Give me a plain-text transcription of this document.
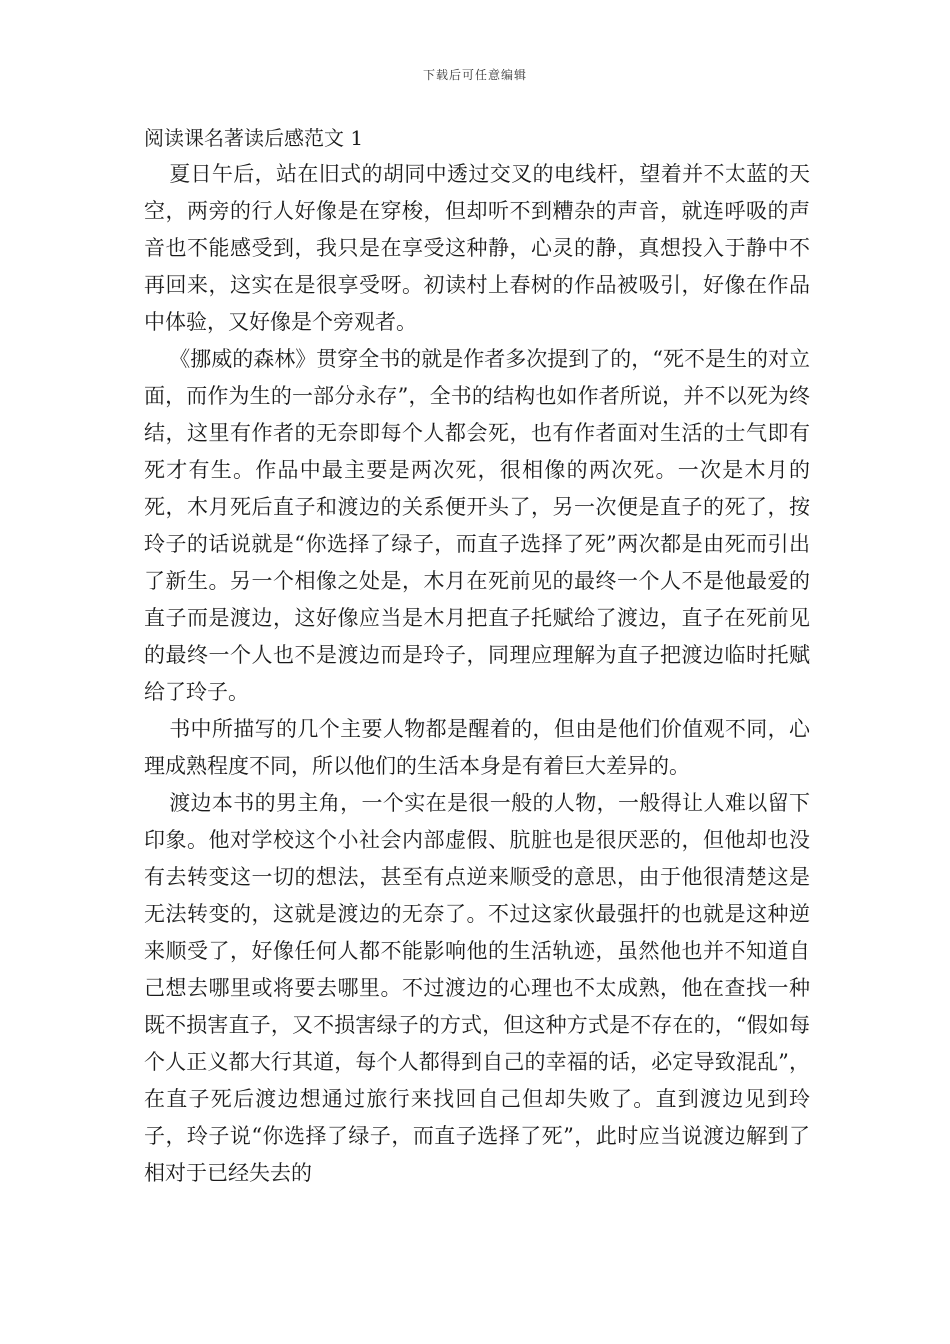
下载后可任意编辑
阅读课名著读后感范文 1

夏日午后，站在旧式的胡同中透过交叉的电线杆，望着并不太蓝的天空，两旁的行人好像是在穿梭，但却听不到糟杂的声音，就连呼吸的声音也不能感受到，我只是在享受这种静，心灵的静，真想投入于静中不再回来，这实在是很享受呀。初读村上春树的作品被吸引，好像在作品中体验，又好像是个旁观者。

《挪威的森林》贯穿全书的就是作者多次提到了的，“死不是生的对立面，而作为生的一部分永存”，全书的结构也如作者所说，并不以死为终结，这里有作者的无奈即每个人都会死，也有作者面对生活的士气即有死才有生。作品中最主要是两次死，很相像的两次死。一次是木月的死，木月死后直子和渡边的关系便开头了，另一次便是直子的死了，按玲子的话说就是“你选择了绿子，而直子选择了死”两次都是由死而引出了新生。另一个相像之处是，木月在死前见的最终一个人不是他最爱的直子而是渡边，这好像应当是木月把直子托赋给了渡边，直子在死前见的最终一个人也不是渡边而是玲子，同理应理解为直子把渡边临时托赋给了玲子。

书中所描写的几个主要人物都是醒着的，但由是他们价值观不同，心理成熟程度不同，所以他们的生活本身是有着巨大差异的。

渡边本书的男主角，一个实在是很一般的人物，一般得让人难以留下印象。他对学校这个小社会内部虚假、肮脏也是很厌恶的，但他却也没有去转变这一切的想法，甚至有点逆来顺受的意思，由于他很清楚这是无法转变的，这就是渡边的无奈了。不过这家伙最强扞的也就是这种逆来顺受了，好像任何人都不能影响他的生活轨迹，虽然他也并不知道自己想去哪里或将要去哪里。不过渡边的心理也不太成熟，他在查找一种既不损害直子，又不损害绿子的方式，但这种方式是不存在的，“假如每个人正义都大行其道，每个人都得到自己的幸福的话，必定导致混乱”，在直子死后渡边想通过旅行来找回自己但却失败了。直到渡边见到玲子，玲子说“你选择了绿子，而直子选择了死”，此时应当说渡边解到了相对于已经失去的
